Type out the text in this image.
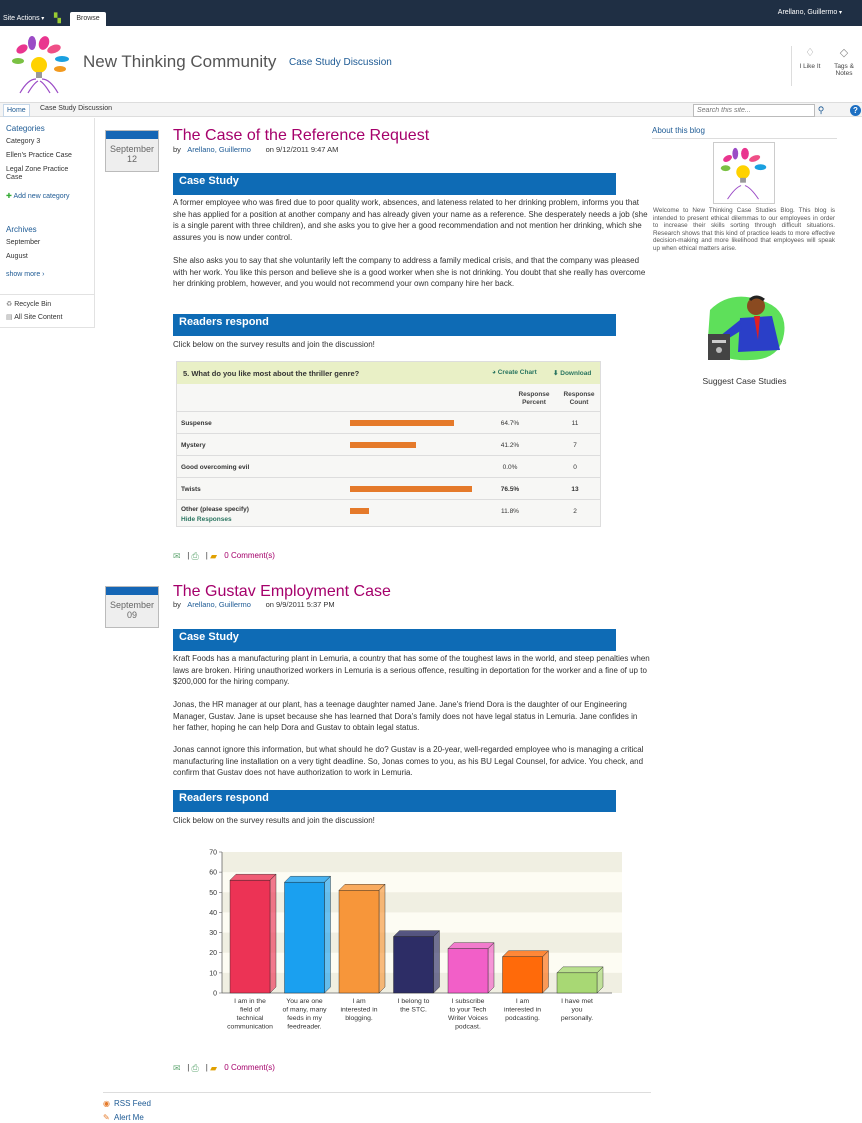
Site Actions ▾	▚	Browse
Arellano, Guillermo ▾
New Thinking Community Case Study Discussion
♢
I Like It
◇
Tags &
Notes
Home	Case Study Discussion
Search this site...	⚲	?
Categories
Category 3
Ellen's Practice Case
Legal Zone Practice Case
✚ Add new category
Archives
September
August
show more ›
♻ Recycle Bin
▤ All Site Content
September
12
The Case of the Reference Request
by Arellano, Guillermo on 9/12/2011 9:47 AM
Case Study

A former employee who was fired due to poor quality work, absences, and lateness related to her drinking problem, informs you that she has applied for a position at another company and has already given your name as a reference. She desperately needs a job (she is a single parent with three children), and she asks you to give her a good recommendation and not mention her drinking, which she assures you is now under control.

She also asks you to say that she voluntarily left the company to address a family medical crisis, and that the company was pleased with her work. You like this person and believe she is a good worker when she is not drinking. You doubt that she really has overcome her drinking problem, however, and you would not recommend your own company hire her back.

Readers respond

Click below on the survey results and join the discussion!

5. What do you like most about the thriller genre?	◕ Create Chart	⬇ Download
Response
Percent
Response
Count
Suspense	64.7%	11
Mystery	41.2%	7
Good overcoming evil	0.0%	0
Twists	76.5%	13
Other (please specify)	11.8%	2
Hide Responses
✉ | ⎙ | ▰ 0 Comment(s)
September
09
The Gustav Employment Case
by Arellano, Guillermo on 9/9/2011 5:37 PM
Case Study

Kraft Foods has a manufacturing plant in Lemuria, a country that has some of the toughest laws in the world, and steep penalties when laws are broken. Hiring unauthorized workers in Lemuria is a serious offence, resulting in deportation for the worker and a fine of up to $200,000 for the hiring company.

Jonas, the HR manager at our plant, has a teenage daughter named Jane. Jane's friend Dora is the daughter of our Engineering Manager, Gustav. Jane is upset because she has learned that Dora's family does not have legal status in Lemuria. Jane confides in her father, hoping he can help Dora and Gustav to obtain legal status.

Jonas cannot ignore this information, but what should he do? Gustav is a 20-year, well-regarded employee who is managing a critical manufacturing line installation on a very tight deadline. So, Jonas comes to you, as his BU Legal Counsel, for advice. You check, and confirm that Gustav does not have authorization to work in Lemuria.

Readers respond

Click below on the survey results and join the discussion!

0
10
20
30
40
50
60
70
I am in the
field of
technical
communication
You are one
of many, many
feeds in my
feedreader.
I am
interested in
blogging.
I belong to
the STC.
I subscribe
to your Tech
Writer Voices
podcast.
I am
interested in
podcasting.
I have met
you
personally.
✉ | ⎙ | ▰ 0 Comment(s)
About this blog

Welcome to New Thinking Case Studies Blog. This blog is intended to present ethical dilemmas to our employees in order to increase their skills sorting through difficult situations. Research shows that this kind of practice leads to more effective decision-making and more likelihood that employees will speak up when ethical matters arise.

Suggest Case Studies
◉ RSS Feed
✎ Alert Me
